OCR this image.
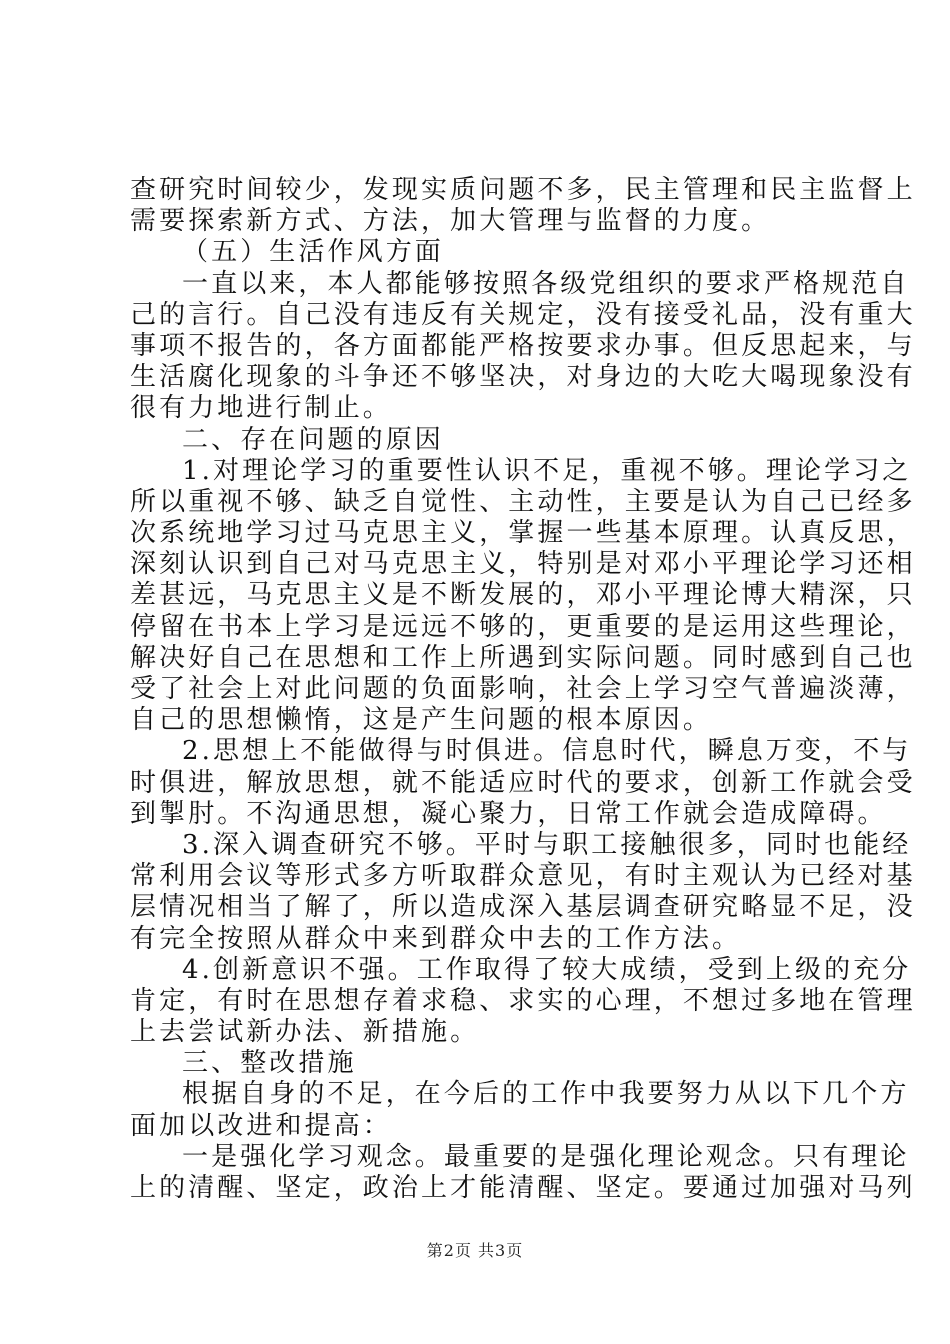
查研究时间较少，发现实质问题不多，民主管理和民主监督上
需要探索新方式、方法，加大管理与监督的力度。
（五）生活作风方面
一直以来，本人都能够按照各级党组织的要求严格规范自
己的言行。自己没有违反有关规定，没有接受礼品，没有重大
事项不报告的，各方面都能严格按要求办事。但反思起来，与
生活腐化现象的斗争还不够坚决，对身边的大吃大喝现象没有
很有力地进行制止。
二、存在问题的原因
1.对理论学习的重要性认识不足，重视不够。理论学习之
所以重视不够、缺乏自觉性、主动性，主要是认为自己已经多
次系统地学习过马克思主义，掌握一些基本原理。认真反思，
深刻认识到自己对马克思主义，特别是对邓小平理论学习还相
差甚远，马克思主义是不断发展的，邓小平理论博大精深，只
停留在书本上学习是远远不够的，更重要的是运用这些理论，
解决好自己在思想和工作上所遇到实际问题。同时感到自己也
受了社会上对此问题的负面影响，社会上学习空气普遍淡薄，
自己的思想懒惰，这是产生问题的根本原因。
2.思想上不能做得与时俱进。信息时代，瞬息万变，不与
时俱进，解放思想，就不能适应时代的要求，创新工作就会受
到掣肘。不沟通思想，凝心聚力，日常工作就会造成障碍。
3.深入调查研究不够。平时与职工接触很多，同时也能经
常利用会议等形式多方听取群众意见，有时主观认为已经对基
层情况相当了解了，所以造成深入基层调查研究略显不足，没
有完全按照从群众中来到群众中去的工作方法。
4.创新意识不强。工作取得了较大成绩，受到上级的充分
肯定，有时在思想存着求稳、求实的心理，不想过多地在管理
上去尝试新办法、新措施。
三、整改措施
根据自身的不足，在今后的工作中我要努力从以下几个方
面加以改进和提高：
一是强化学习观念。最重要的是强化理论观念。只有理论
上的清醒、坚定，政治上才能清醒、坚定。要通过加强对马列
第2页 共3页
